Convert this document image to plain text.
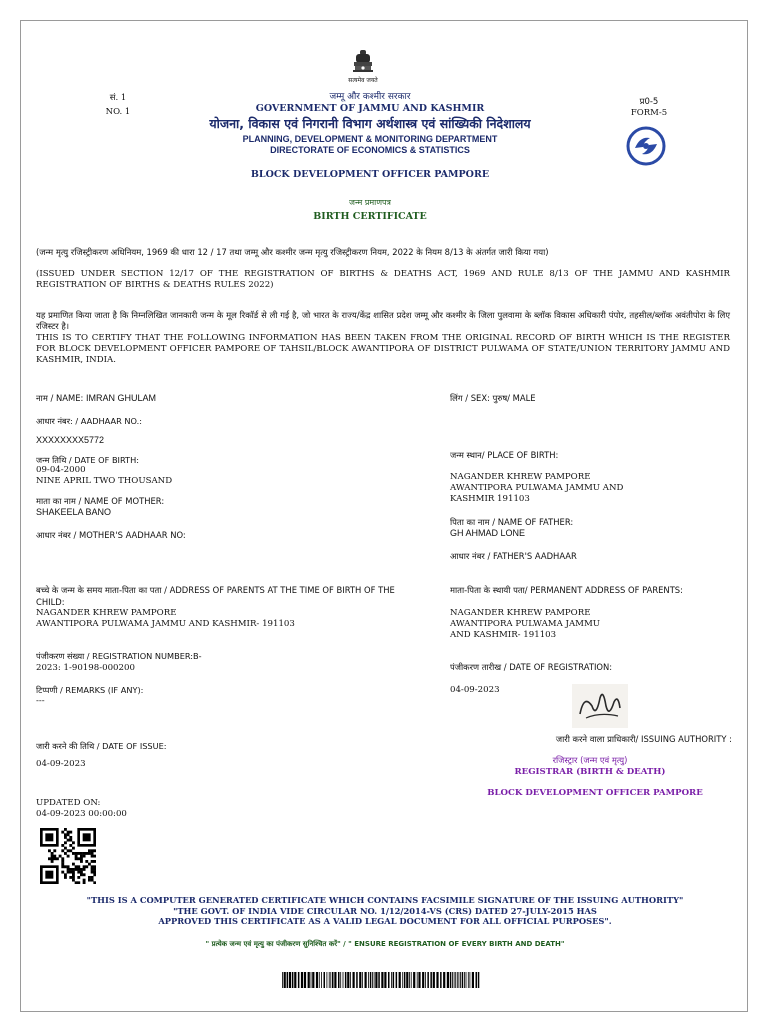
सत्यमेव जयते
सं. 1
NO. 1
जम्मू और कश्मीर सरकार
GOVERNMENT OF JAMMU AND KASHMIR
योजना, विकास एवं निगरानी विभाग अर्थशास्त्र एवं सांख्यिकी निदेशालय
PLANNING, DEVELOPMENT & MONITORING DEPARTMENT
DIRECTORATE OF ECONOMICS & STATISTICS
प्र0-5
FORM-5
BLOCK DEVELOPMENT OFFICER PAMPORE
जन्म प्रमाणपत्र
BIRTH CERTIFICATE
(जन्म मृत्यु रजिस्ट्रीकरण अधिनियम, 1969 की धारा 12 / 17 तथा जम्मू और कश्मीर जन्म मृत्यु रजिस्ट्रीकरण नियम, 2022 के नियम 8/13 के अंतर्गत जारी किया गया)
(ISSUED UNDER SECTION 12/17 OF THE REGISTRATION OF BIRTHS & DEATHS ACT, 1969 AND RULE 8/13 OF THE JAMMU AND KASHMIR REGISTRATION OF BIRTHS & DEATHS RULES 2022)
यह प्रमाणित किया जाता है कि निम्नलिखित जानकारी जन्म के मूल रिकॉर्ड से ली गई है, जो भारत के राज्य/केंद्र शासित प्रदेश जम्मू और कश्मीर के जिला पुलवामा के ब्लॉक विकास अधिकारी पंपोर, तहसील/ब्लॉक अवंतीपोरा के लिए रजिस्टर है।
THIS IS TO CERTIFY THAT THE FOLLOWING INFORMATION HAS BEEN TAKEN FROM THE ORIGINAL RECORD OF BIRTH WHICH IS THE REGISTER FOR BLOCK DEVELOPMENT OFFICER PAMPORE OF TAHSIL/BLOCK AWANTIPORA OF DISTRICT PULWAMA OF STATE/UNION TERRITORY JAMMU AND KASHMIR, INDIA.
नाम / NAME: IMRAN GHULAM
आधार नंबर: / AADHAAR NO.:
XXXXXXXX5772
जन्म तिथि / DATE OF BIRTH:
09-04-2000
NINE APRIL TWO THOUSAND
माता का नाम / NAME OF MOTHER:
SHAKEELA BANO
आधार नंबर / MOTHER'S AADHAAR NO:
बच्चे के जन्म के समय माता-पिता का पता / ADDRESS OF PARENTS AT THE TIME OF BIRTH OF THE CHILD:
NAGANDER KHREW PAMPORE
AWANTIPORA PULWAMA JAMMU AND KASHMIR- 191103
पंजीकरण संख्या / REGISTRATION NUMBER:B-
2023: 1-90198-000200
टिप्पणी / REMARKS (IF ANY):
---
जारी करने की तिथि / DATE OF ISSUE:
04-09-2023
UPDATED ON:
04-09-2023 00:00:00
लिंग / SEX: पुरुष/ MALE
जन्म स्थान/ PLACE OF BIRTH:
NAGANDER KHREW PAMPORE
AWANTIPORA PULWAMA JAMMU AND
KASHMIR 191103
पिता का नाम / NAME OF FATHER:
GH AHMAD LONE
आधार नंबर / FATHER'S AADHAAR
माता-पिता के स्थायी पता/ PERMANENT ADDRESS OF PARENTS:
NAGANDER KHREW PAMPORE
AWANTIPORA PULWAMA JAMMU
AND KASHMIR- 191103
पंजीकरण तारीख / DATE OF REGISTRATION:
04-09-2023
जारी करने वाला प्राधिकारी/ ISSUING AUTHORITY :
रजिस्ट्रार (जन्म एवं मृत्यु)
REGISTRAR (BIRTH & DEATH)
BLOCK DEVELOPMENT OFFICER PAMPORE
"THIS IS A COMPUTER GENERATED CERTIFICATE WHICH CONTAINS FACSIMILE SIGNATURE OF THE ISSUING AUTHORITY"
"THE GOVT. OF INDIA VIDE CIRCULAR NO. 1/12/2014-VS (CRS) DATED 27-JULY-2015 HAS
APPROVED THIS CERTIFICATE AS A VALID LEGAL DOCUMENT FOR ALL OFFICIAL PURPOSES".
" प्रत्येक जन्म एवं मृत्यु का पंजीकरण सुनिश्चित करें" / " ENSURE REGISTRATION OF EVERY BIRTH AND DEATH"
